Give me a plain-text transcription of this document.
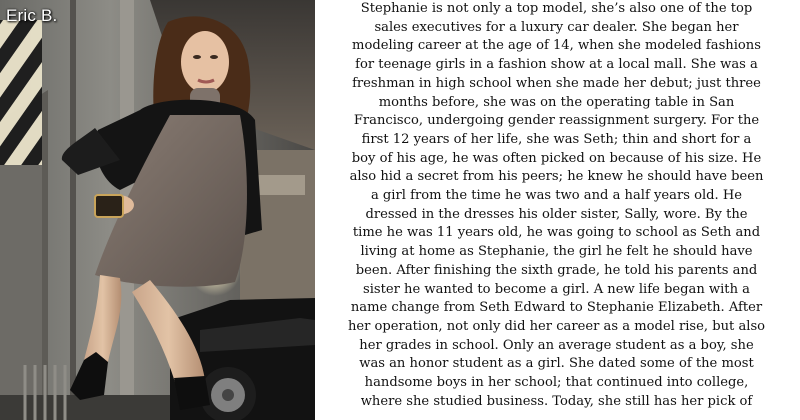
Eric B.	Stephanie is not only a top model, she’s also one of the top
sales executives for a luxury car dealer. She began her
modeling career at the age of 14, when she modeled fashions
for teenage girls in a fashion show at a local mall. She was a
freshman in high school when she made her debut; just three
months before, she was on the operating table in San
Francisco, undergoing gender reassignment surgery. For the
first 12 years of her life, she was Seth; thin and short for a
boy of his age, he was often picked on because of his size. He
also hid a secret from his peers; he knew he should have been
a girl from the time he was two and a half years old. He
dressed in the dresses his older sister, Sally, wore. By the
time he was 11 years old, he was going to school as Seth and
living at home as Stephanie, the girl he felt he should have
been. After finishing the sixth grade, he told his parents and
sister he wanted to become a girl. A new life began with a
name change from Seth Edward to Stephanie Elizabeth. After
her operation, not only did her career as a model rise, but also
her grades in school. Only an average student as a boy, she
was an honor student as a girl. She dated some of the most
handsome boys in her school; that continued into college,
where she studied business. Today, she still has her pick of
